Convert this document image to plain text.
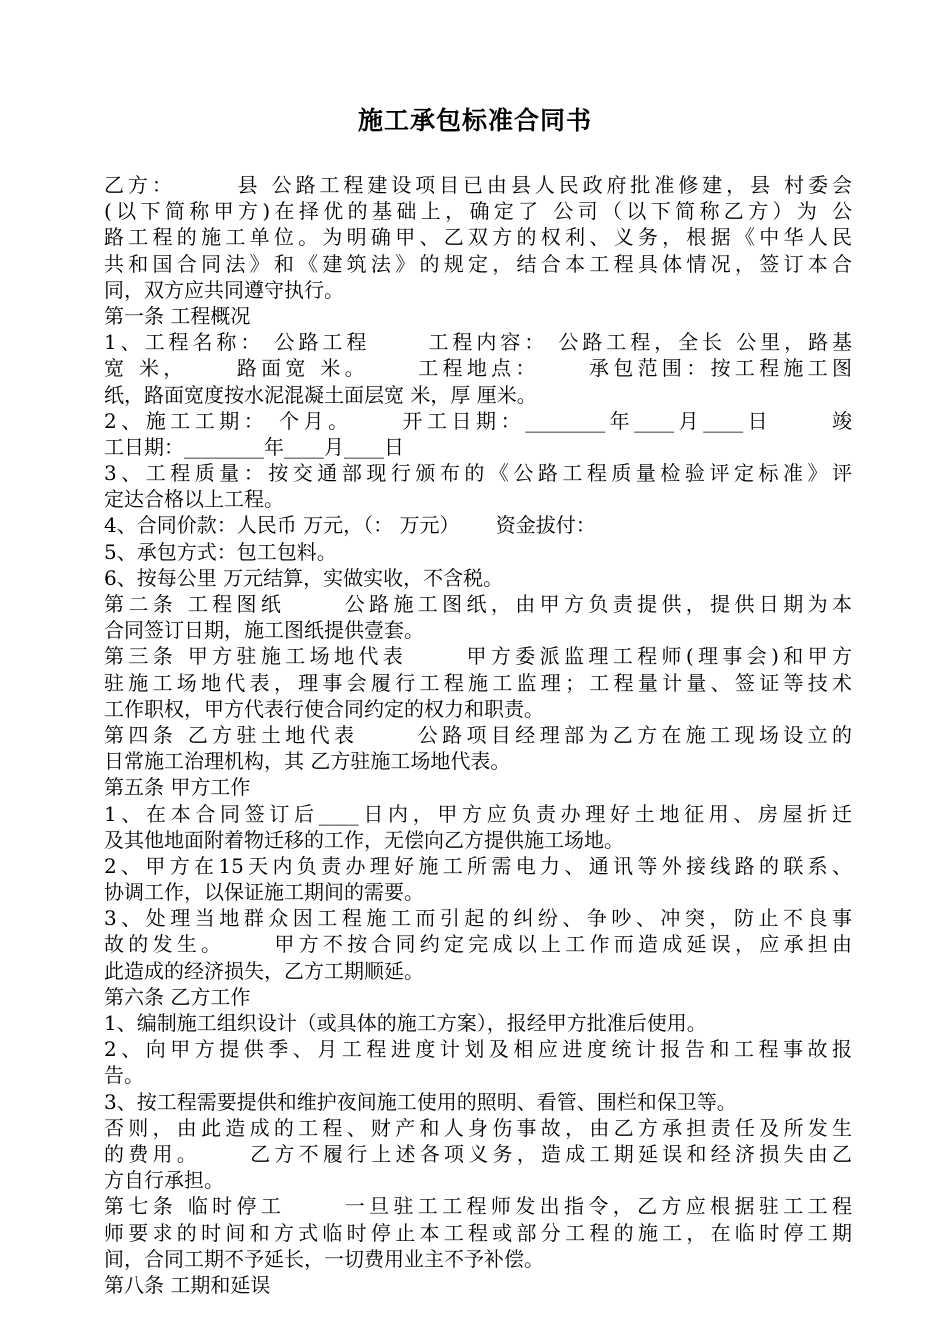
施工承包标准合同书
乙方：　　　县 公路工程建设项目已由县人民政府批准修建，县 村委会
(以下简称甲方)在择优的基础上，确定了 公司（以下简称乙方）为 公
路工程的施工单位。为明确甲、乙双方的权利、义务，根据《中华人民
共和国合同法》和《建筑法》的规定，结合本工程具体情况，签订本合
同，双方应共同遵守执行。
第一条 工程概况
1、工程名称： 公路工程　　 工程内容： 公路工程，全长 公里，路基
宽 米，　　 路面宽 米。　　 工程地点：　　 承包范围：按工程施工图
纸，路面宽度按水泥混凝土面层宽 米，厚 厘米。
2、施工工期： 个月。　　 开工日期：________年____月____日　　 竣
工日期：________年____月____日
3、工程质量：按交通部现行颁布的《公路工程质量检验评定标准》评
定达合格以上工程。
4、合同价款：人民币 万元，（： 万元）　　 资金拔付：
5、承包方式：包工包料。
6、按每公里 万元结算，实做实收，不含税。
第二条 工程图纸　　 公路施工图纸，由甲方负责提供，提供日期为本
合同签订日期，施工图纸提供壹套。
第三条 甲方驻施工场地代表　　 甲方委派监理工程师(理事会)和甲方
驻施工场地代表，理事会履行工程施工监理；工程量计量、签证等技术
工作职权，甲方代表行使合同约定的权力和职责。
第四条 乙方驻土地代表　　 公路项目经理部为乙方在施工现场设立的
日常施工治理机构，其 乙方驻施工场地代表。
第五条 甲方工作
1、在本合同签订后____日内，甲方应负责办理好土地征用、房屋折迁
及其他地面附着物迁移的工作，无偿向乙方提供施工场地。
2、甲方在15天内负责办理好施工所需电力、通讯等外接线路的联系、
协调工作，以保证施工期间的需要。
3、处理当地群众因工程施工而引起的纠纷、争吵、冲突，防止不良事
故的发生。　　 甲方不按合同约定完成以上工作而造成延误，应承担由
此造成的经济损失，乙方工期顺延。
第六条 乙方工作
1、编制施工组织设计（或具体的施工方案），报经甲方批准后使用。
2、向甲方提供季、月工程进度计划及相应进度统计报告和工程事故报
告。
3、按工程需要提供和维护夜间施工使用的照明、看管、围栏和保卫等。
否则，由此造成的工程、财产和人身伤事故，由乙方承担责任及所发生
的费用。　　 乙方不履行上述各项义务，造成工期延误和经济损失由乙
方自行承担。
第七条 临时停工　　 一旦驻工工程师发出指令，乙方应根据驻工工程
师要求的时间和方式临时停止本工程或部分工程的施工，在临时停工期
间，合同工期不予延长，一切费用业主不予补偿。
第八条 工期和延误
